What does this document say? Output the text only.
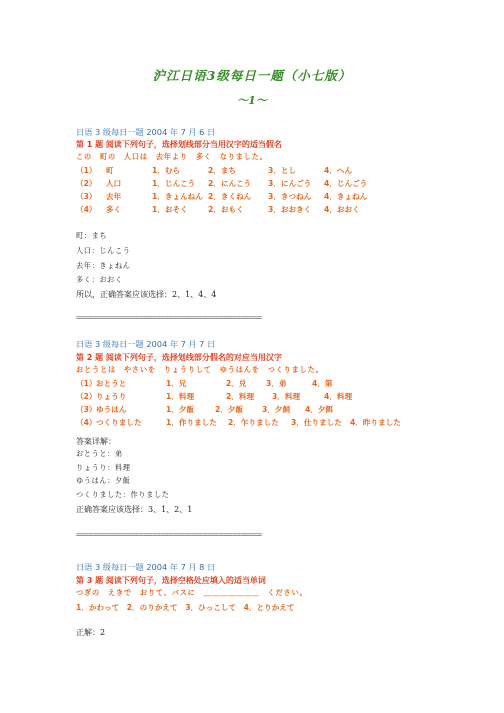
沪江日语3级每日一题（小七版）
～1～
日语 3 级每日一题 2004 年 7 月 6 日
第 1 题 阅读下列句子，选择划线部分当用汉字的适当假名
この　町の　人口は　去年より　多く　なりました。
（1） 町	1．むら	2．まち	3．とし	4．へん
（2） 人口	1．じんこう 2．にんこう 3．にんごう 4．じんごう
（3） 去年	1．きょんねん 2．きくねん 3．きつねん 4．きょねん
（4） 多く	1．おそく	2．おもく	3．おおきく 4．おおく
町：まち
人口：じんこう
去年：きょねん
多く：おおく
所以，正确答案应该选择：2、1、4、4
============================================
日语 3 级每日一题 2004 年 7 月 7 日
第 2 题 阅读下列句子，选择划线部分假名的对应当用汉字
おとうとは　やさいを　りょうりして　ゆうはんを　つくりました。
（1） おとうと	1．兄	2．兑	3．弟	4．第
（2） りょうり	1．料理	2．料理 3．料理	4．料理
（3） ゆうはん	1．夕飯	2．夕飯 3．夕飼 4．夕餌
（4） つくりました	1．作りました 2．乍りました 3．仕りました 4．昨りました
答案详解：
おとうと：弟
りょうり：料理
ゆうはん：夕飯
つくりました：作りました
正确答案应该选择：3、1、2、1
============================================
日语 3 级每日一题 2004 年 7 月 8 日
第 3 题 阅读下列句子，选择空格处应填入的适当单词
つぎの　えきで　おりて、バスに　＿＿＿＿＿＿＿　ください。
1．かわって　2．のりかえて　3．ひっこして　4．とりかえて
正解：2
